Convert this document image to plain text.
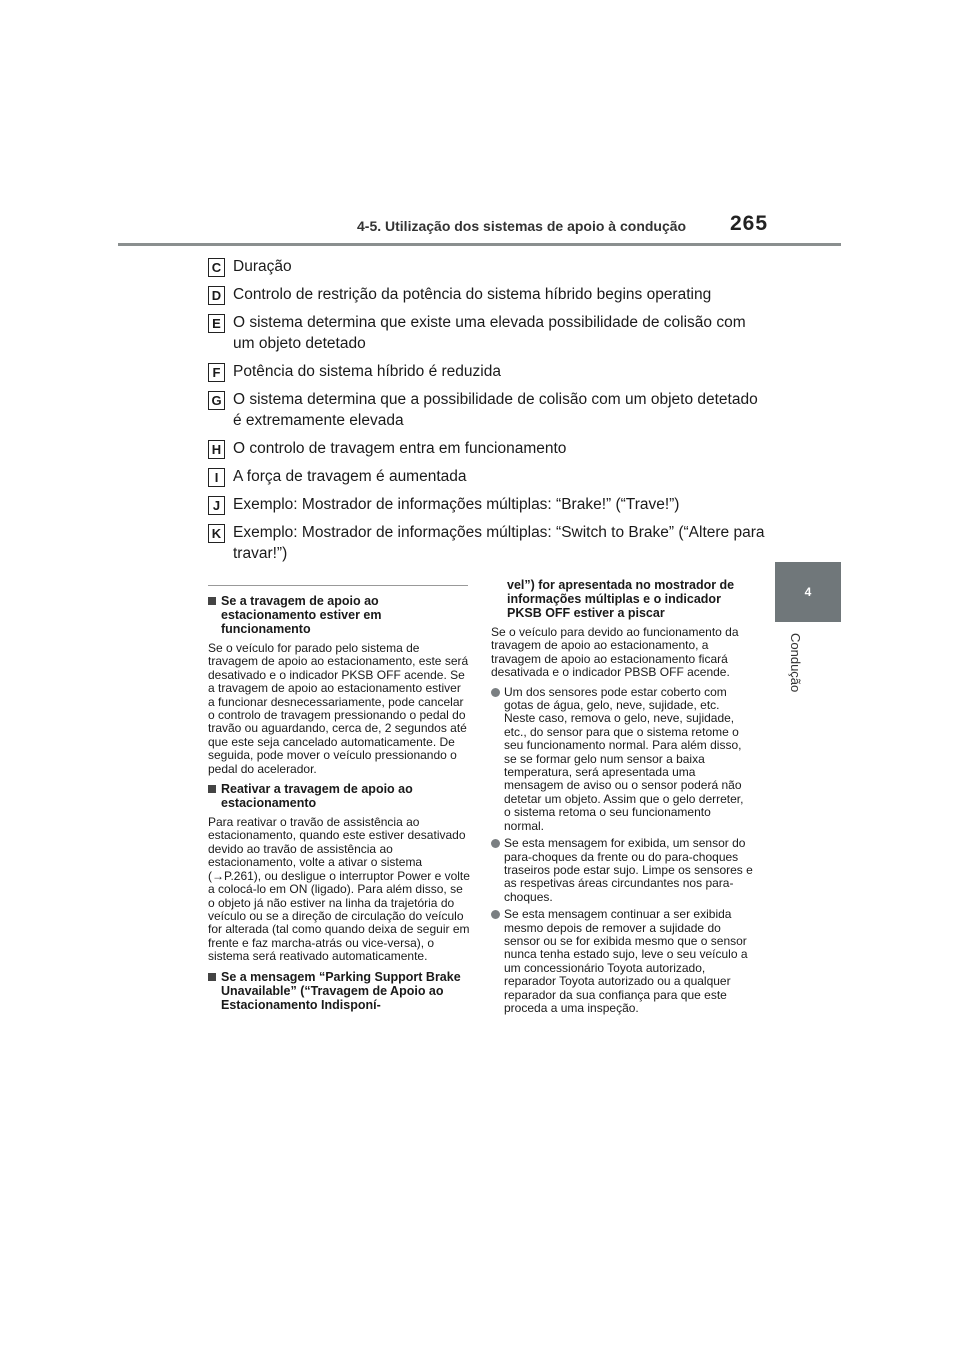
4-5. Utilização dos sistemas de apoio à condução 265
4
Condução
C Duração
D Controlo de restrição da potência do sistema híbrido begins operating
E O sistema determina que existe uma elevada possibilidade de colisão com um objeto detetado
F Potência do sistema híbrido é reduzida
G O sistema determina que a possibilidade de colisão com um objeto detetado é extremamente elevada
H O controlo de travagem entra em funcionamento
I A força de travagem é aumentada
J Exemplo: Mostrador de informações múltiplas: “Brake!” (“Trave!”)
K Exemplo: Mostrador de informações múltiplas: “Switch to Brake” (“Altere para travar!”)
Se a travagem de apoio ao estacionamento estiver em funcionamento

Se o veículo for parado pelo sistema de travagem de apoio ao estacionamento, este será desativado e o indicador PKSB OFF acende. Se a travagem de apoio ao estacionamento estiver a funcionar desnecessariamente, pode cancelar o controlo de travagem pressionando o pedal do travão ou aguardando, cerca de, 2 segundos até que este seja cancelado automaticamente. De seguida, pode mover o veículo pressionando o pedal do acelerador.

Reativar a travagem de apoio ao estacionamento

Para reativar o travão de assistência ao estacionamento, quando este estiver desativado devido ao travão de assistência ao estacionamento, volte a ativar o sistema (→P.261), ou desligue o interruptor Power e volte a colocá-lo em ON (ligado). Para além disso, se o objeto já não estiver na linha da trajetória do veículo ou se a direção de circulação do veículo for alterada (tal como quando deixa de seguir em frente e faz marcha-atrás ou vice-versa), o sistema será reativado automaticamente.

Se a mensagem “Parking Support Brake Unavailable” (“Travagem de Apoio ao Estacionamento Indisponí-
vel”) for apresentada no mostrador de informações múltiplas e o indicador PKSB OFF estiver a piscar

Se o veículo para devido ao funcionamento da travagem de apoio ao estacionamento, a travagem de apoio ao estacionamento ficará desativada e o indicador PBSB OFF acende.

Um dos sensores pode estar coberto com gotas de água, gelo, neve, sujidade, etc. Neste caso, remova o gelo, neve, sujidade, etc., do sensor para que o sistema retome o seu funcionamento normal. Para além disso, se se formar gelo num sensor a baixa temperatura, será apresentada uma mensagem de aviso ou o sensor poderá não detetar um objeto. Assim que o gelo derreter, o sistema retoma o seu funcionamento normal.
Se esta mensagem for exibida, um sensor do para-choques da frente ou do para-choques traseiros pode estar sujo. Limpe os sensores e as respetivas áreas circundantes nos para-choques.
Se esta mensagem continuar a ser exibida mesmo depois de remover a sujidade do sensor ou se for exibida mesmo que o sensor nunca tenha estado sujo, leve o seu veículo a um concessionário Toyota autorizado, reparador Toyota autorizado ou a qualquer reparador da sua confiança para que este proceda a uma inspeção.
